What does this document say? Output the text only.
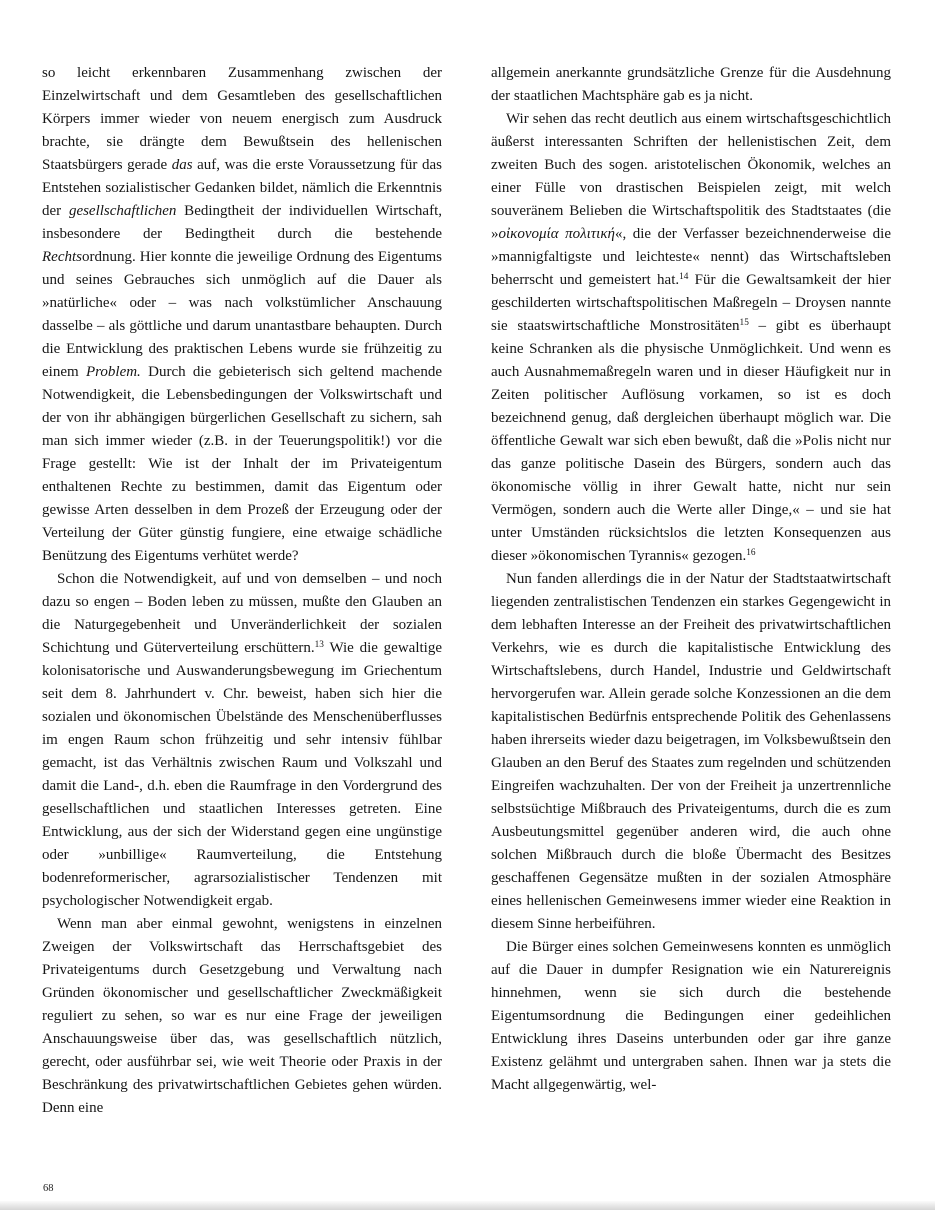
so leicht erkennbaren Zusammenhang zwischen der Einzelwirtschaft und dem Gesamtleben des gesellschaftlichen Körpers immer wieder von neuem energisch zum Ausdruck brachte, sie drängte dem Bewußtsein des hellenischen Staatsbürgers gerade das auf, was die erste Voraussetzung für das Entstehen sozialistischer Gedanken bildet, nämlich die Erkenntnis der gesellschaftlichen Bedingtheit der individuellen Wirtschaft, insbesondere der Bedingtheit durch die bestehende Rechtsordnung. Hier konnte die jeweilige Ordnung des Eigentums und seines Gebrauches sich unmöglich auf die Dauer als »natürliche« oder – was nach volkstümlicher Anschauung dasselbe – als göttliche und darum unantastbare behaupten. Durch die Entwicklung des praktischen Lebens wurde sie frühzeitig zu einem Problem. Durch die gebieterisch sich geltend machende Notwendigkeit, die Lebensbedingungen der Volkswirtschaft und der von ihr abhängigen bürgerlichen Gesellschaft zu sichern, sah man sich immer wieder (z.B. in der Teuerungspolitik!) vor die Frage gestellt: Wie ist der Inhalt der im Privateigentum enthaltenen Rechte zu bestimmen, damit das Eigentum oder gewisse Arten desselben in dem Prozeß der Erzeugung oder der Verteilung der Güter günstig fungiere, eine etwaige schädliche Benützung des Eigentums verhütet werde?

Schon die Notwendigkeit, auf und von demselben – und noch dazu so engen – Boden leben zu müssen, mußte den Glauben an die Naturgegebenheit und Unveränderlichkeit der sozialen Schichtung und Güterverteilung erschüttern.$^{13}$ Wie die gewaltige kolonisatorische und Auswanderungsbewegung im Griechentum seit dem 8. Jahrhundert v. Chr. beweist, haben sich hier die sozialen und ökonomischen Übelstände des Menschenüberflusses im engen Raum schon frühzeitig und sehr intensiv fühlbar gemacht, ist das Verhältnis zwischen Raum und Volkszahl und damit die Land-, d.h. eben die Raumfrage in den Vordergrund des gesellschaftlichen und staatlichen Interesses getreten. Eine Entwicklung, aus der sich der Widerstand gegen eine ungünstige oder »unbillige« Raumverteilung, die Entstehung bodenreformerischer, agrarsozialistischer Tendenzen mit psychologischer Notwendigkeit ergab.

Wenn man aber einmal gewohnt, wenigstens in einzelnen Zweigen der Volkswirtschaft das Herrschaftsgebiet des Privateigentums durch Gesetzgebung und Verwaltung nach Gründen ökonomischer und gesellschaftlicher Zweckmäßigkeit reguliert zu sehen, so war es nur eine Frage der jeweiligen Anschauungsweise über das, was gesellschaftlich nützlich, gerecht, oder ausführbar sei, wie weit Theorie oder Praxis in der Beschränkung des privatwirtschaftlichen Gebietes gehen würden. Denn eine

allgemein anerkannte grundsätzliche Grenze für die Ausdehnung der staatlichen Machtsphäre gab es ja nicht.

Wir sehen das recht deutlich aus einem wirtschaftsgeschichtlich äußerst interessanten Schriften der hellenistischen Zeit, dem zweiten Buch des sogen. aristotelischen Ökonomik, welches an einer Fülle von drastischen Beispielen zeigt, mit welch souveränem Belieben die Wirtschaftspolitik des Stadtstaates (die »οἰκονομία πολιτική«, die der Verfasser bezeichnenderweise die »mannigfaltigste und leichteste« nennt) das Wirtschaftsleben beherrscht und gemeistert hat.$^{14}$ Für die Gewaltsamkeit der hier geschilderten wirtschaftspolitischen Maßregeln – Droysen nannte sie staatswirtschaftliche Monstrositäten$^{15}$ – gibt es überhaupt keine Schranken als die physische Unmöglichkeit. Und wenn es auch Ausnahmemaßregeln waren und in dieser Häufigkeit nur in Zeiten politischer Auflösung vorkamen, so ist es doch bezeichnend genug, daß dergleichen überhaupt möglich war. Die öffentliche Gewalt war sich eben bewußt, daß die »Polis nicht nur das ganze politische Dasein des Bürgers, sondern auch das ökonomische völlig in ihrer Gewalt hatte, nicht nur sein Vermögen, sondern auch die Werte aller Dinge,« – und sie hat unter Umständen rücksichtslos die letzten Konsequenzen aus dieser »ökonomischen Tyrannis« gezogen.$^{16}$

Nun fanden allerdings die in der Natur der Stadtstaatwirtschaft liegenden zentralistischen Tendenzen ein starkes Gegengewicht in dem lebhaften Interesse an der Freiheit des privatwirtschaftlichen Verkehrs, wie es durch die kapitalistische Entwicklung des Wirtschaftslebens, durch Handel, Industrie und Geldwirtschaft hervorgerufen war. Allein gerade solche Konzessionen an die dem kapitalistischen Bedürfnis entsprechende Politik des Gehenlassens haben ihrerseits wieder dazu beigetragen, im Volksbewußtsein den Glauben an den Beruf des Staates zum regelnden und schützenden Eingreifen wachzuhalten. Der von der Freiheit ja unzertrennliche selbstsüchtige Mißbrauch des Privateigentums, durch die es zum Ausbeutungsmittel gegenüber anderen wird, die auch ohne solchen Mißbrauch durch die bloße Übermacht des Besitzes geschaffenen Gegensätze mußten in der sozialen Atmosphäre eines hellenischen Gemeinwesens immer wieder eine Reaktion in diesem Sinne herbeiführen.

Die Bürger eines solchen Gemeinwesens konnten es unmöglich auf die Dauer in dumpfer Resignation wie ein Naturereignis hinnehmen, wenn sie sich durch die bestehende Eigentumsordnung die Bedingungen einer gedeihlichen Entwicklung ihres Daseins unterbunden oder gar ihre ganze Existenz gelähmt und untergraben sahen. Ihnen war ja stets die Macht allgegenwärtig, wel-

68
